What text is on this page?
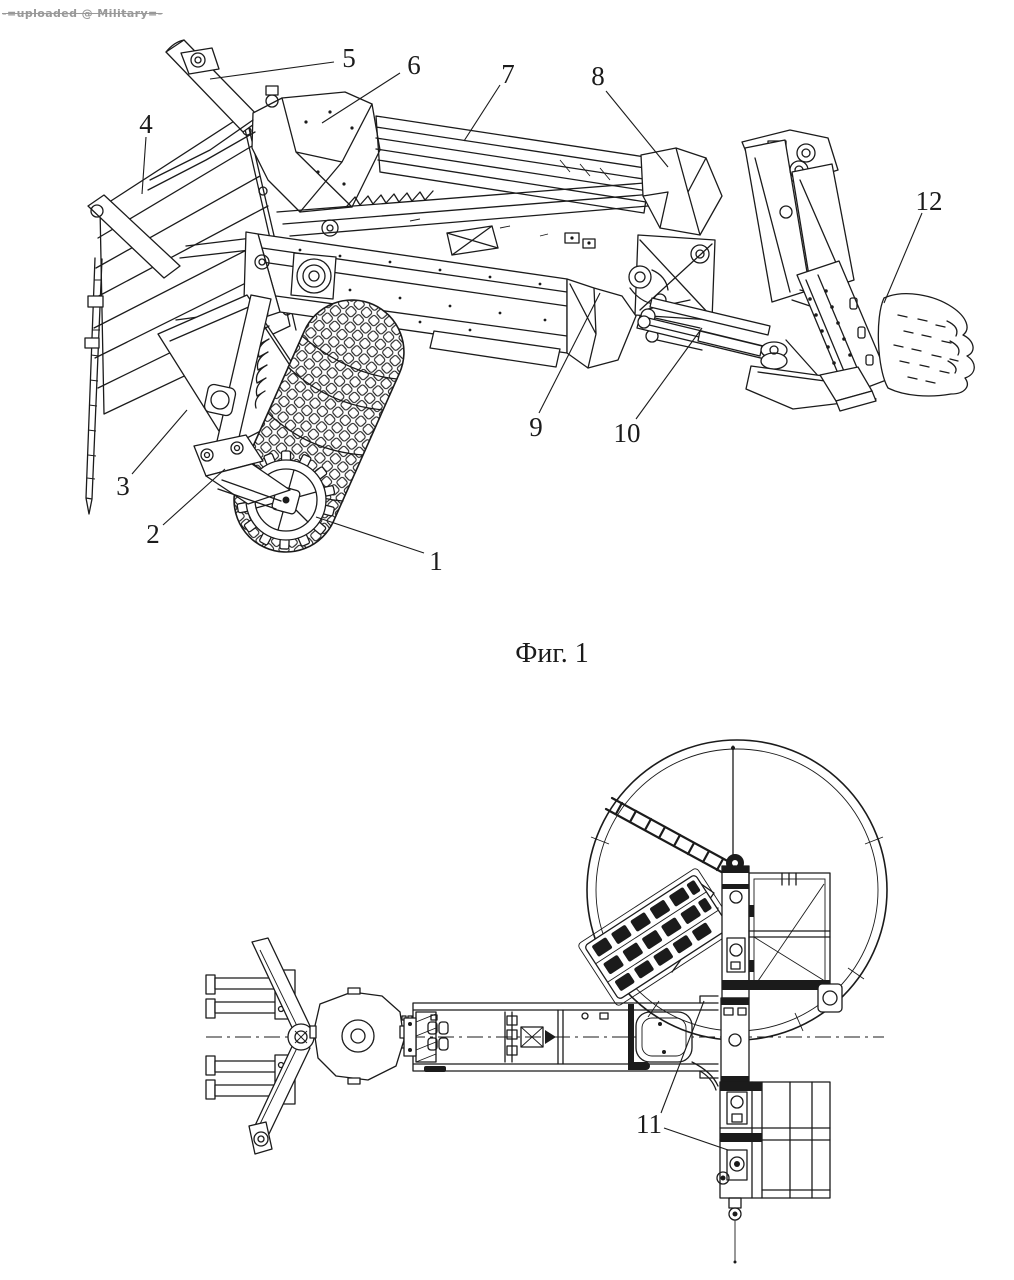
-=uploaded @ Military=-
1
2
3
4
5 6	7	8
9	10
12
11
Фиг. 1
